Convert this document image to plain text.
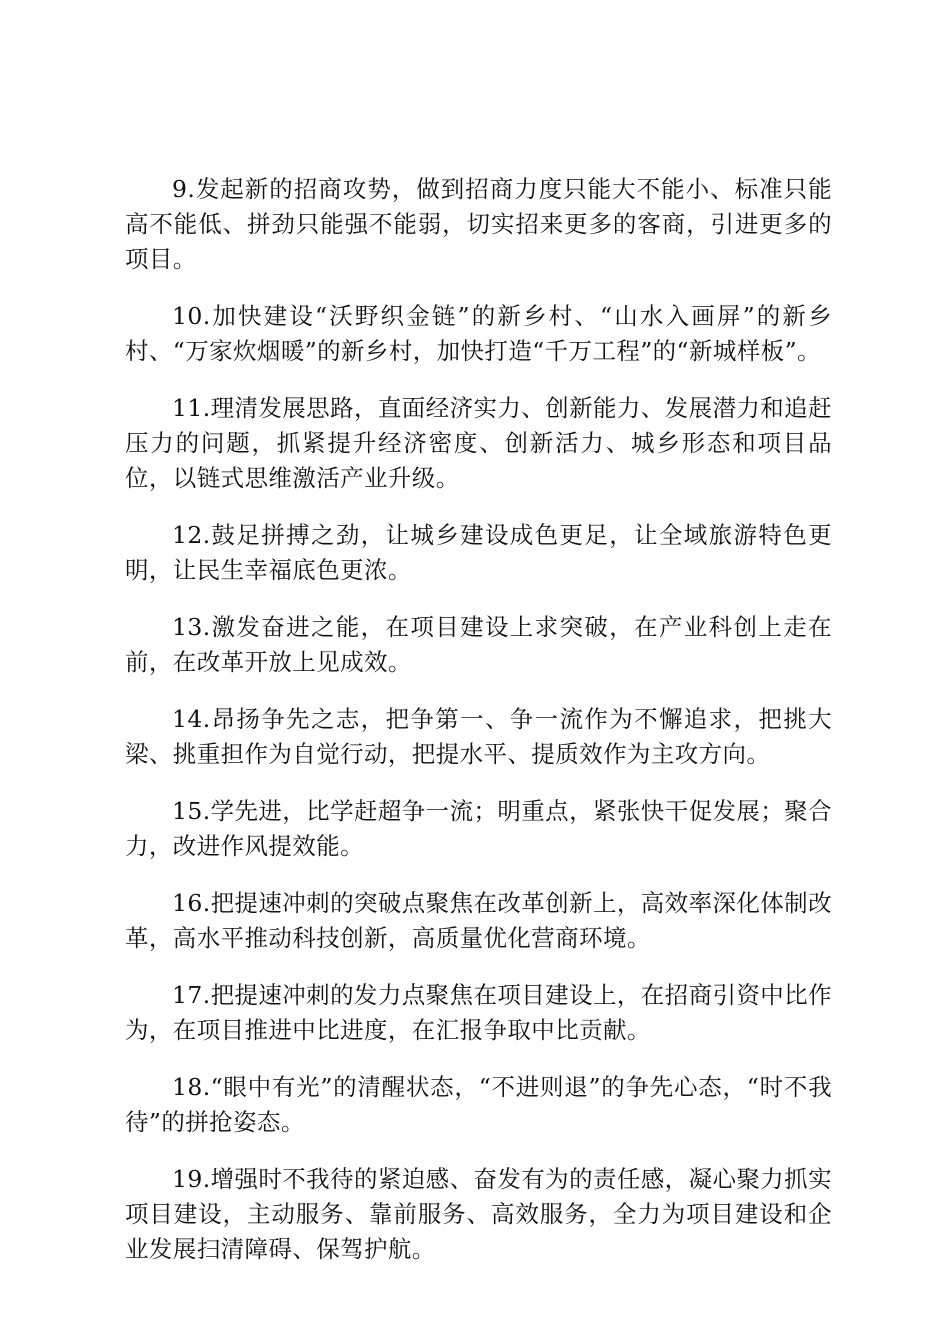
9.发起新的招商攻势，做到招商力度只能大不能小、标准只能高不能低、拼劲只能强不能弱，切实招来更多的客商，引进更多的项目。

10.加快建设“沃野织金链”的新乡村、“山水入画屏”的新乡村、“万家炊烟暖”的新乡村，加快打造“千万工程”的“新城样板”。

11.理清发展思路，直面经济实力、创新能力、发展潜力和追赶压力的问题，抓紧提升经济密度、创新活力、城乡形态和项目品位，以链式思维激活产业升级。

12.鼓足拼搏之劲，让城乡建设成色更足，让全域旅游特色更明，让民生幸福底色更浓。

13.激发奋进之能，在项目建设上求突破，在产业科创上走在前，在改革开放上见成效。

14.昂扬争先之志，把争第一、争一流作为不懈追求，把挑大梁、挑重担作为自觉行动，把提水平、提质效作为主攻方向。

15.学先进，比学赶超争一流；明重点，紧张快干促发展；聚合力，改进作风提效能。

16.把提速冲刺的突破点聚焦在改革创新上，高效率深化体制改革，高水平推动科技创新，高质量优化营商环境。

17.把提速冲刺的发力点聚焦在项目建设上，在招商引资中比作为，在项目推进中比进度，在汇报争取中比贡献。

18.“眼中有光”的清醒状态，“不进则退”的争先心态，“时不我待”的拼抢姿态。

19.增强时不我待的紧迫感、奋发有为的责任感，凝心聚力抓实项目建设，主动服务、靠前服务、高效服务，全力为项目建设和企业发展扫清障碍、保驾护航。
